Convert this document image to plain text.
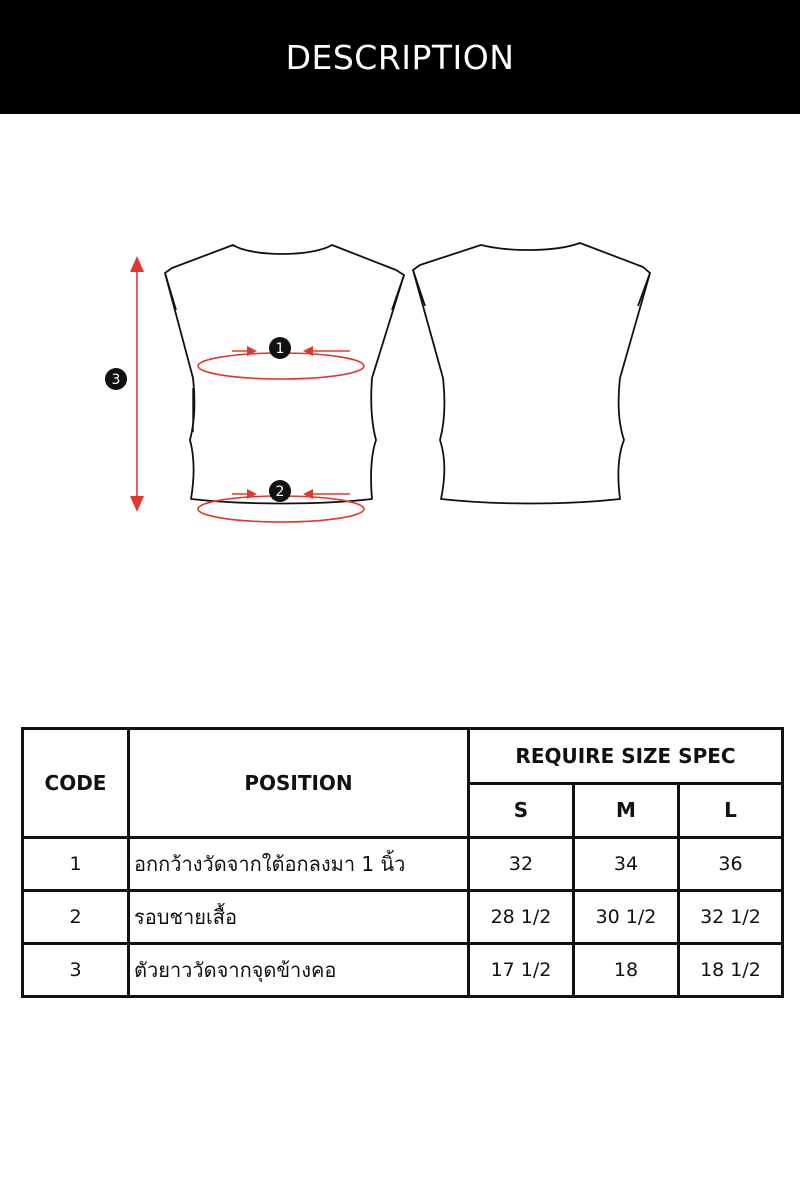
DESCRIPTION
1
2
3
CODE	POSITION	REQUIRE SIZE SPEC		
		S	M	L
1	อกกว้างวัดจากใต้อกลงมา 1 นิ้ว	32	34	36
2	รอบชายเสื้อ	28 1/2	30 1/2	32 1/2
3	ตัวยาววัดจากจุดข้างคอ	17 1/2	18	18 1/2
